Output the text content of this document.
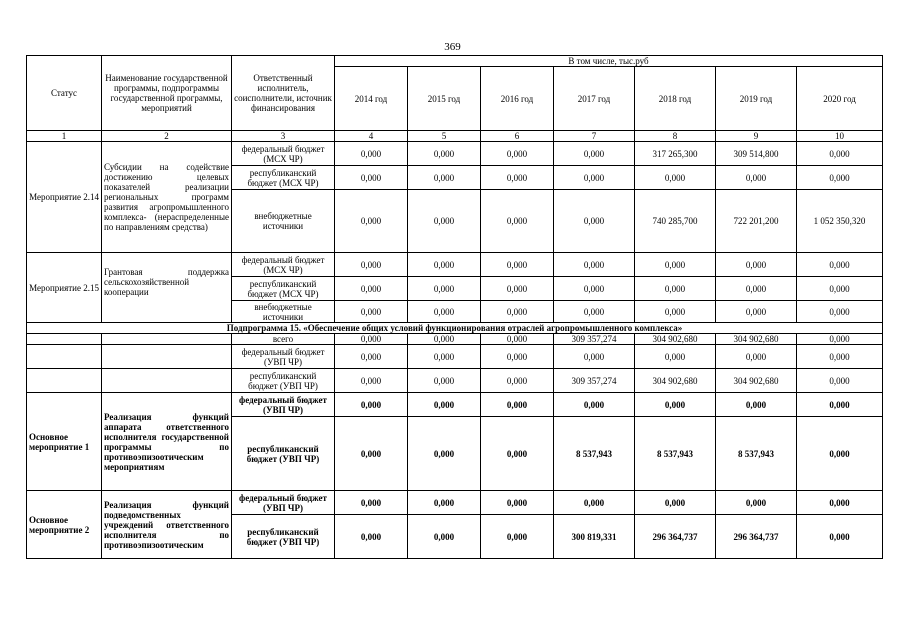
369
Статус	Наименование государственной программы, подпрограммы государственной программы, мероприятий	Ответственный исполнитель, соисполнители, источник финансирования	В том числе, тыс.руб						
			2014 год	2015 год	2016 год	2017 год	2018 год	2019 год	2020 год
1	2	3	4	5	6	7	8	9	10
Мероприятие 2.14	Субсидии на содействие достижению целевых показателей реализации региональных программ развития агропромышленного комплекса- (нераспределенные по направлениям средства)	федеральный бюджет (МСХ ЧР)	0,000	0,000	0,000	0,000	317 265,300	309 514,800	0,000
		республиканский бюджет (МСХ ЧР)	0,000	0,000	0,000	0,000	0,000	0,000	0,000
		внебюджетные источники	0,000	0,000	0,000	0,000	740 285,700	722 201,200	1 052 350,320
Мероприятие 2.15	Грантовая поддержка сельскохозяйственной кооперации	федеральный бюджет (МСХ ЧР)	0,000	0,000	0,000	0,000	0,000	0,000	0,000
		республиканский бюджет (МСХ ЧР)	0,000	0,000	0,000	0,000	0,000	0,000	0,000
		внебюджетные источники	0,000	0,000	0,000	0,000	0,000	0,000	0,000
Подпрограмма 15. «Обеспечение общих условий функционирования отраслей агропромышленного комплекса»									
		всего	0,000	0,000	0,000	309 357,274	304 902,680	304 902,680	0,000
		федеральный бюджет (УВП ЧР)	0,000	0,000	0,000	0,000	0,000	0,000	0,000
		республиканский бюджет (УВП ЧР)	0,000	0,000	0,000	309 357,274	304 902,680	304 902,680	0,000
Основное мероприятие 1	Реализация функций аппарата ответственного исполнителя государственной программы по противоэпизоотическим мероприятиям	федеральный бюджет (УВП ЧР)	0,000	0,000	0,000	0,000	0,000	0,000	0,000
		республиканский бюджет (УВП ЧР)	0,000	0,000	0,000	8 537,943	8 537,943	8 537,943	0,000
Основное мероприятие 2	Реализация функций подведомственных учреждений ответственного исполнителя по противоэпизоотическим	федеральный бюджет (УВП ЧР)	0,000	0,000	0,000	0,000	0,000	0,000	0,000
		республиканский бюджет (УВП ЧР)	0,000	0,000	0,000	300 819,331	296 364,737	296 364,737	0,000
